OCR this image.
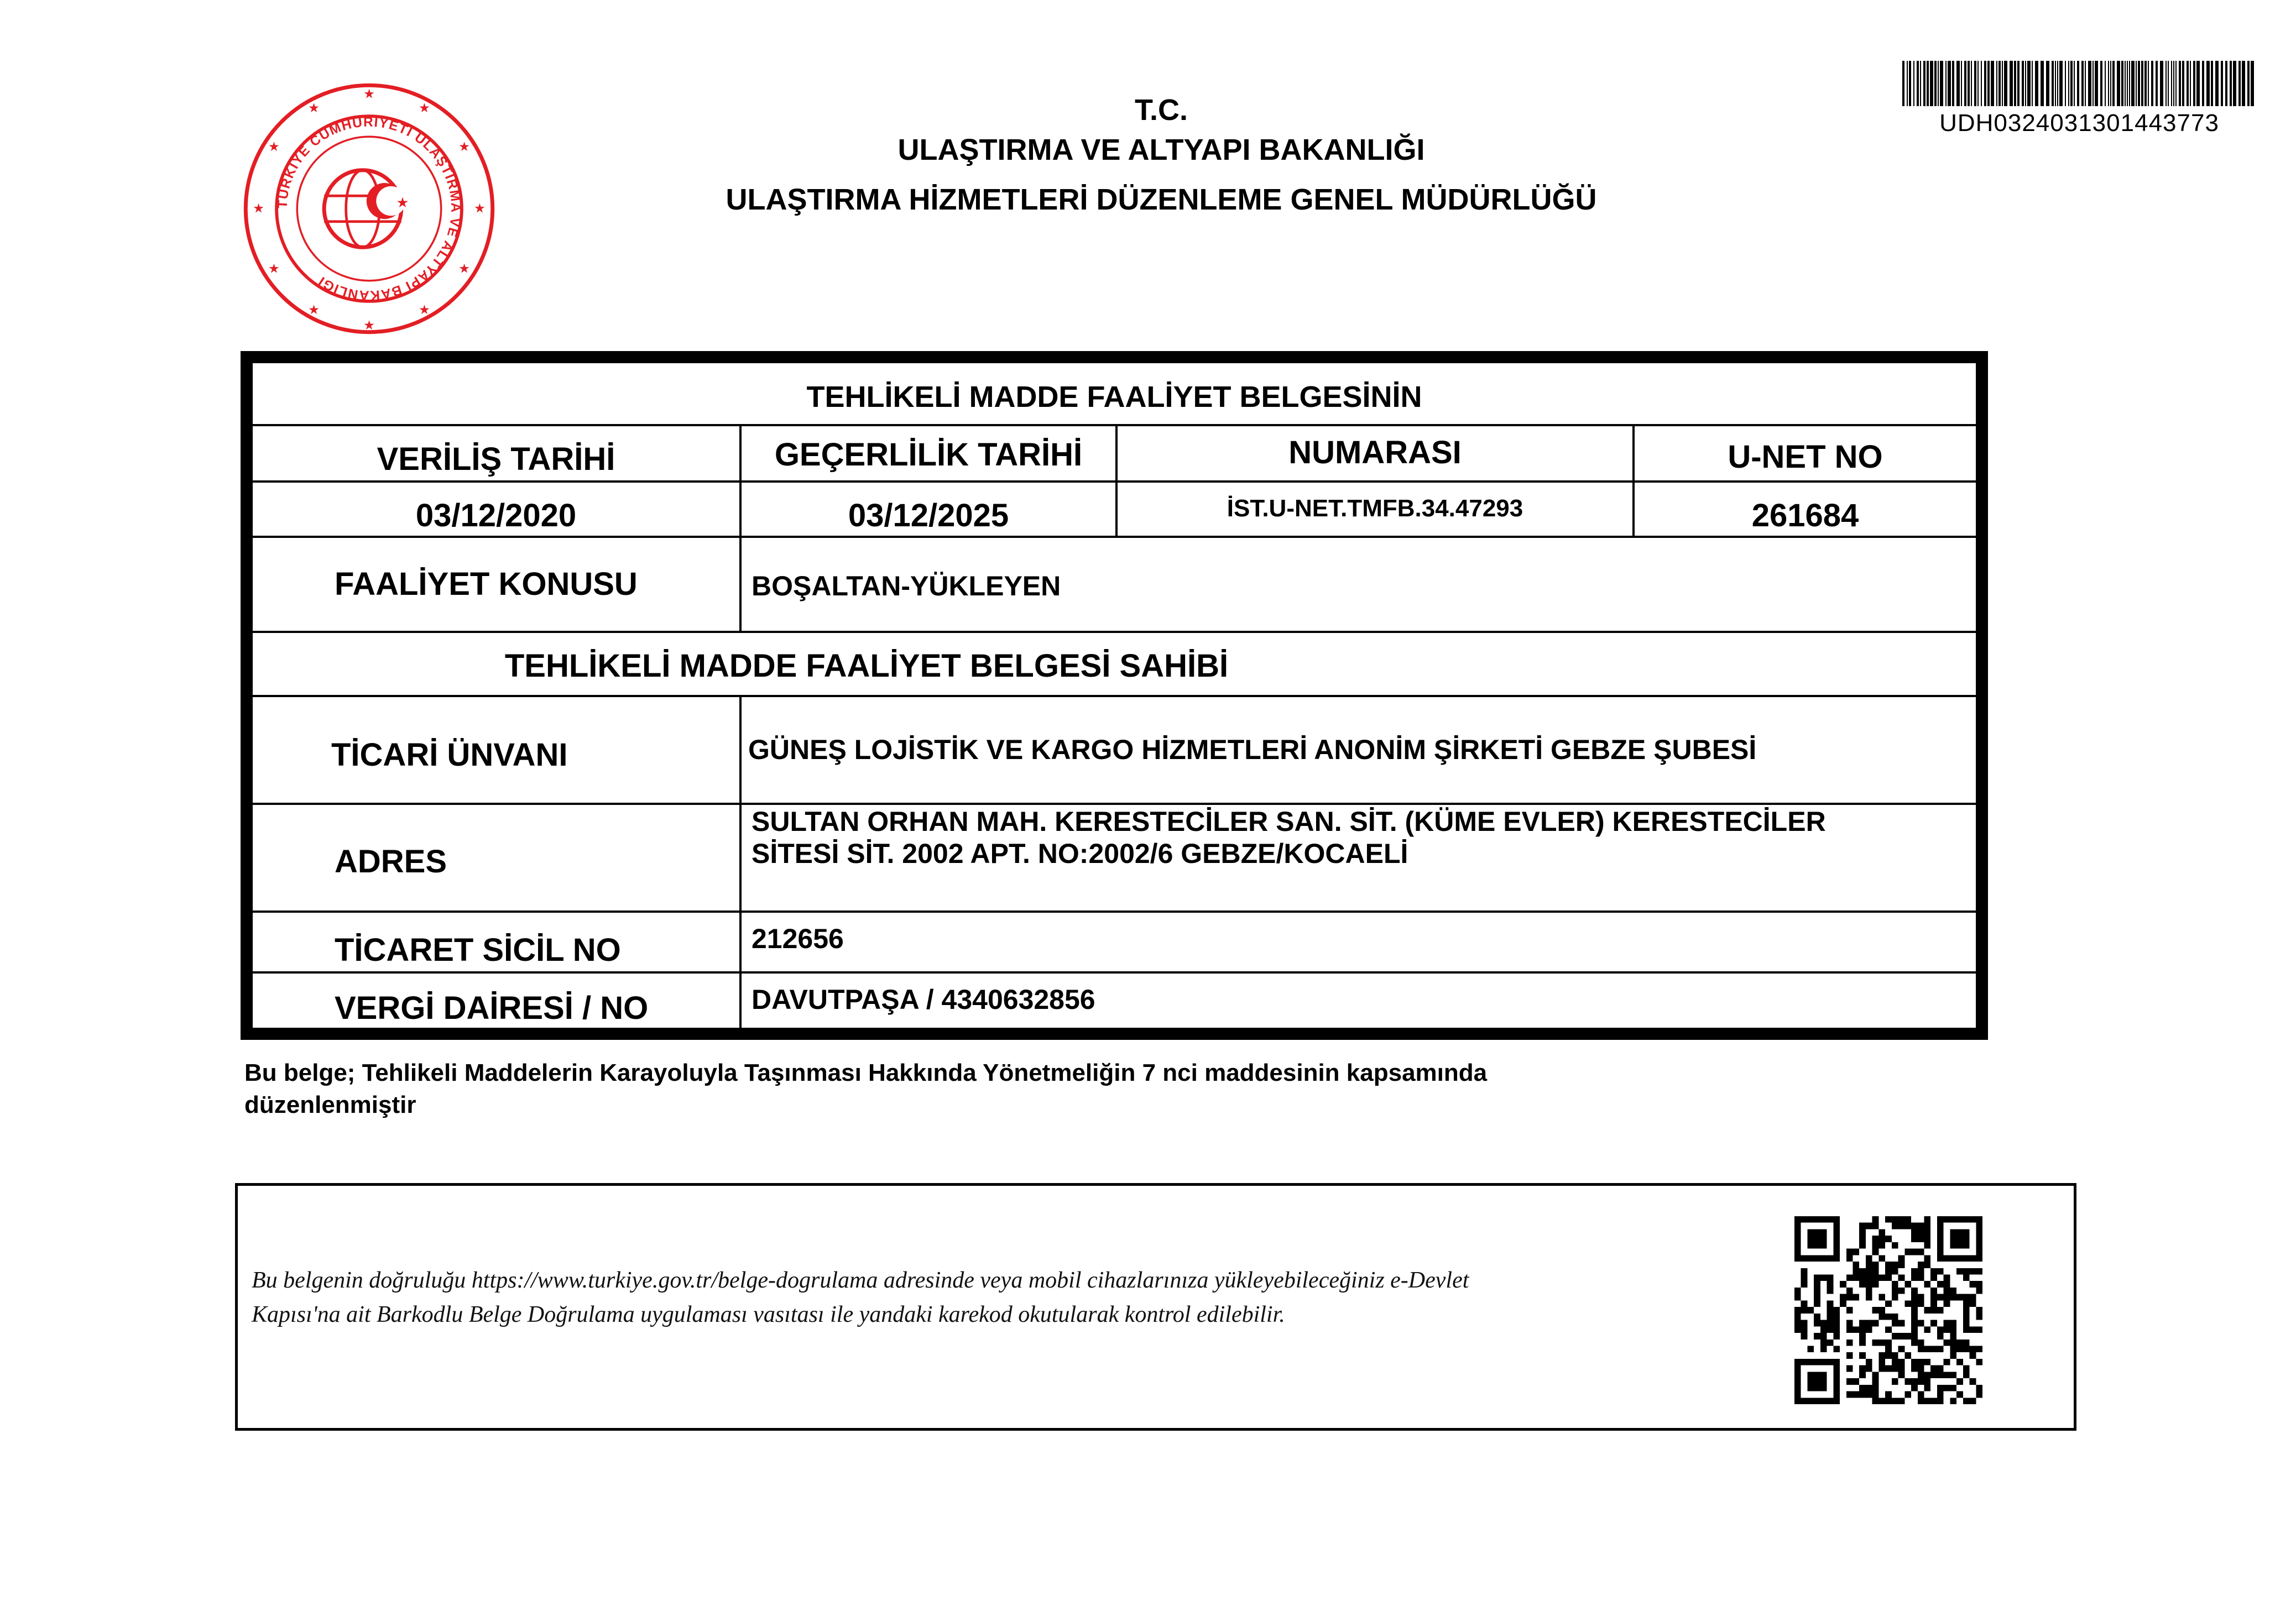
TÜRKİYE CUMHURİYETİ ULAŞTIRMA VE ALTYAPI BAKANLIĞI
★
★
★
★
★
★
★
★
★
★
★
★
★
UDH0324031301443773
T.C.
ULAŞTIRMA VE ALTYAPI BAKANLIĞI
ULAŞTIRMA HİZMETLERİ DÜZENLEME GENEL MÜDÜRLÜĞÜ
TEHLİKELİ MADDE FAALİYET BELGESİNİN
VERİLİŞ TARİHİ	GEÇERLİLİK TARİHİ	NUMARASI	U-NET NO
03/12/2020	03/12/2025	İST.U-NET.TMFB.34.47293	261684
FAALİYET KONUSU	BOŞALTAN-YÜKLEYEN
TEHLİKELİ MADDE FAALİYET BELGESİ SAHİBİ
TİCARİ ÜNVANI	GÜNEŞ LOJİSTİK VE KARGO HİZMETLERİ ANONİM ŞİRKETİ GEBZE ŞUBESİ
ADRES
SULTAN ORHAN MAH. KERESTECİLER SAN. SİT. (KÜME EVLER) KERESTECİLER
SİTESİ SİT. 2002 APT. NO:2002/6 GEBZE/KOCAELİ
TİCARET SİCİL NO	212656
VERGİ DAİRESİ / NO	DAVUTPAŞA / 4340632856
Bu belge; Tehlikeli Maddelerin Karayoluyla Taşınması Hakkında Yönetmeliğin 7 nci maddesinin kapsamında
düzenlenmiştir
Bu belgenin doğruluğu https://www.turkiye.gov.tr/belge-dogrulama adresinde veya mobil cihazlarınıza yükleyebileceğiniz e-Devlet
Kapısı'na ait Barkodlu Belge Doğrulama uygulaması vasıtası ile yandaki karekod okutularak kontrol edilebilir.
